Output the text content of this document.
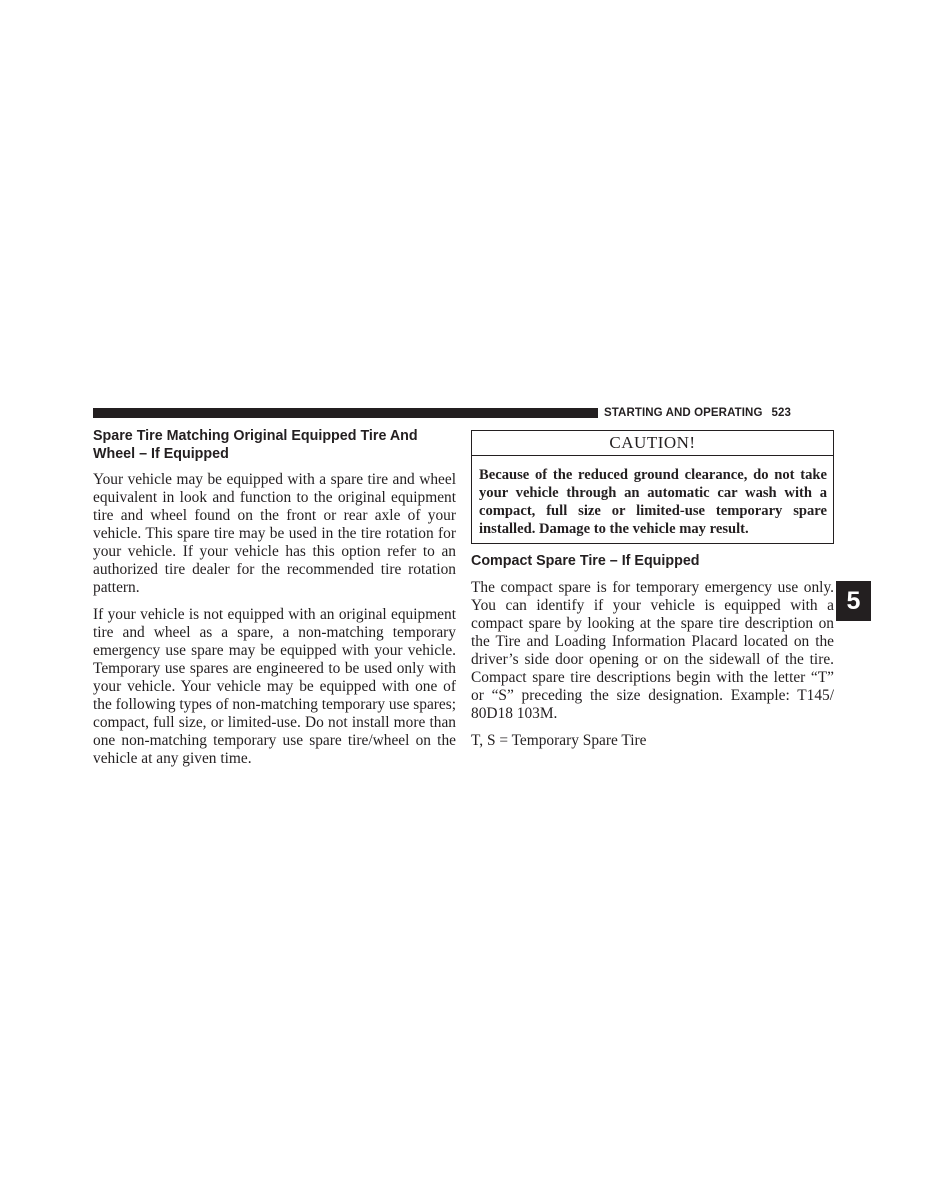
STARTING AND OPERATING 523
Spare Tire Matching Original Equipped Tire And Wheel – If Equipped

Your vehicle may be equipped with a spare tire and wheel equivalent in look and function to the original equipment tire and wheel found on the front or rear axle of your vehicle. This spare tire may be used in the tire rotation for your vehicle. If your vehicle has this option refer to an authorized tire dealer for the recommended tire rotation pattern.

If your vehicle is not equipped with an original equipment tire and wheel as a spare, a non-matching temporary emergency use spare may be equipped with your vehicle. Temporary use spares are engineered to be used only with your vehicle. Your vehicle may be equipped with one of the following types of non-matching temporary use spares; compact, full size, or limited-use. Do not install more than one non-matching temporary use spare tire/wheel on the vehicle at any given time.

CAUTION!
Because of the reduced ground clearance, do not take your vehicle through an automatic car wash with a compact, full size or limited-use temporary spare installed. Damage to the vehicle may result.
Compact Spare Tire – If Equipped

The compact spare is for temporary emergency use only. You can identify if your vehicle is equipped with a compact spare by looking at the spare tire description on the Tire and Loading Information Placard located on the driver’s side door opening or on the sidewall of the tire. Compact spare tire descriptions begin with the letter “T” or “S” preceding the size designation. Example: T145/ 80D18 103M.

T, S = Temporary Spare Tire

5
